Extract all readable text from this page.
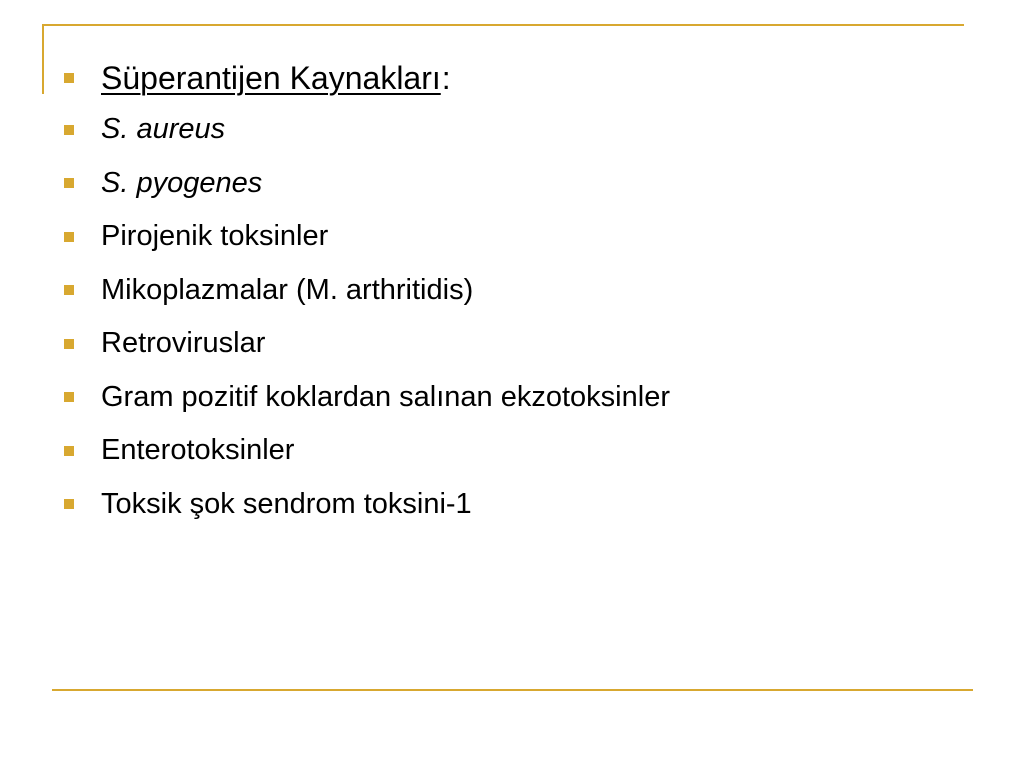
Süperantijen Kaynakları:
S. aureus
S. pyogenes
Pirojenik toksinler
Mikoplazmalar (M. arthritidis)
Retroviruslar
Gram pozitif koklardan salınan ekzotoksinler
Enterotoksinler
Toksik şok sendrom toksini-1
